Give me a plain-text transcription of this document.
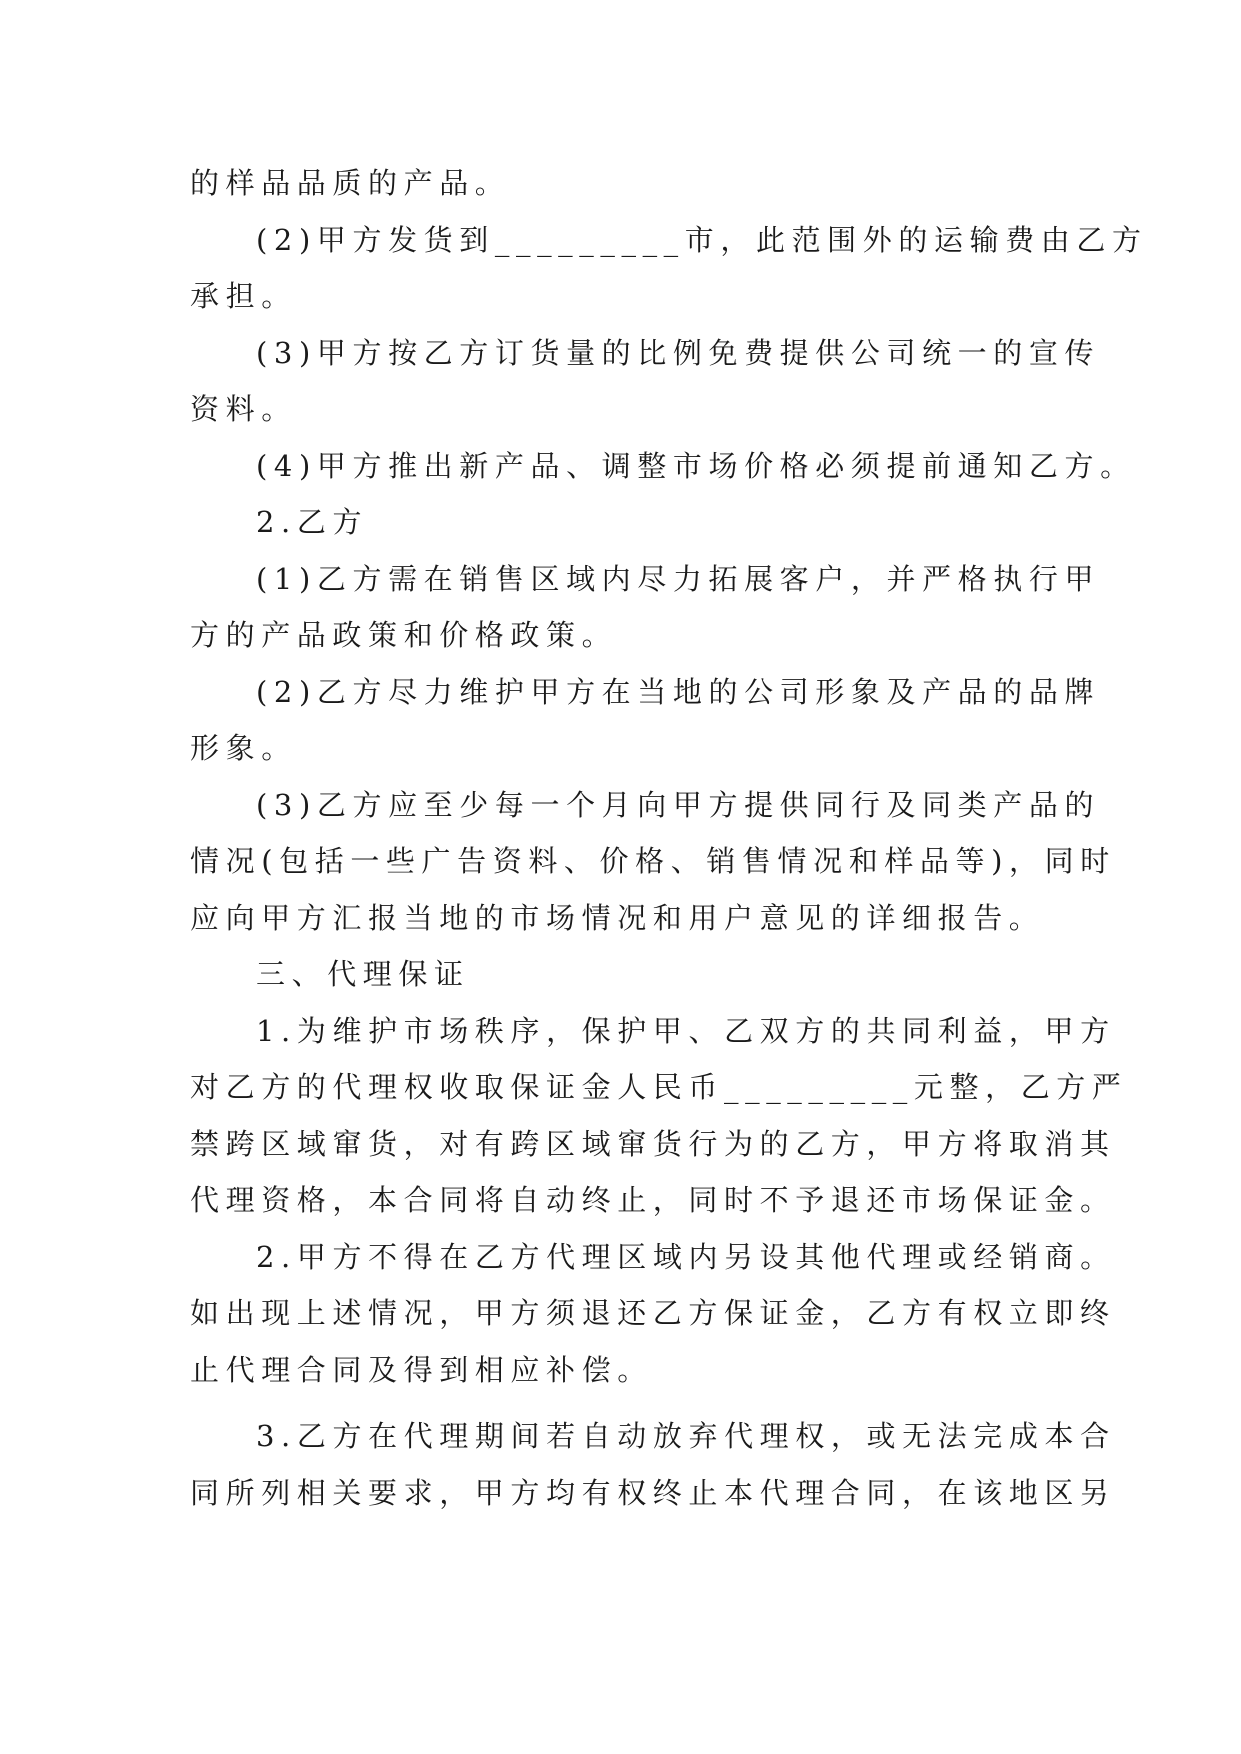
的样品品质的产品。
(2)甲方发货到_________市，此范围外的运输费由乙方
承担。
(3)甲方按乙方订货量的比例免费提供公司统一的宣传
资料。
(4)甲方推出新产品、调整市场价格必须提前通知乙方。
2.乙方
(1)乙方需在销售区域内尽力拓展客户，并严格执行甲
方的产品政策和价格政策。
(2)乙方尽力维护甲方在当地的公司形象及产品的品牌
形象。
(3)乙方应至少每一个月向甲方提供同行及同类产品的
情况(包括一些广告资料、价格、销售情况和样品等)，同时
应向甲方汇报当地的市场情况和用户意见的详细报告。
三、代理保证
1.为维护市场秩序，保护甲、乙双方的共同利益，甲方
对乙方的代理权收取保证金人民币_________元整，乙方严
禁跨区域窜货，对有跨区域窜货行为的乙方，甲方将取消其
代理资格，本合同将自动终止，同时不予退还市场保证金。
2.甲方不得在乙方代理区域内另设其他代理或经销商。
如出现上述情况，甲方须退还乙方保证金，乙方有权立即终
止代理合同及得到相应补偿。
3.乙方在代理期间若自动放弃代理权，或无法完成本合
同所列相关要求，甲方均有权终止本代理合同，在该地区另
